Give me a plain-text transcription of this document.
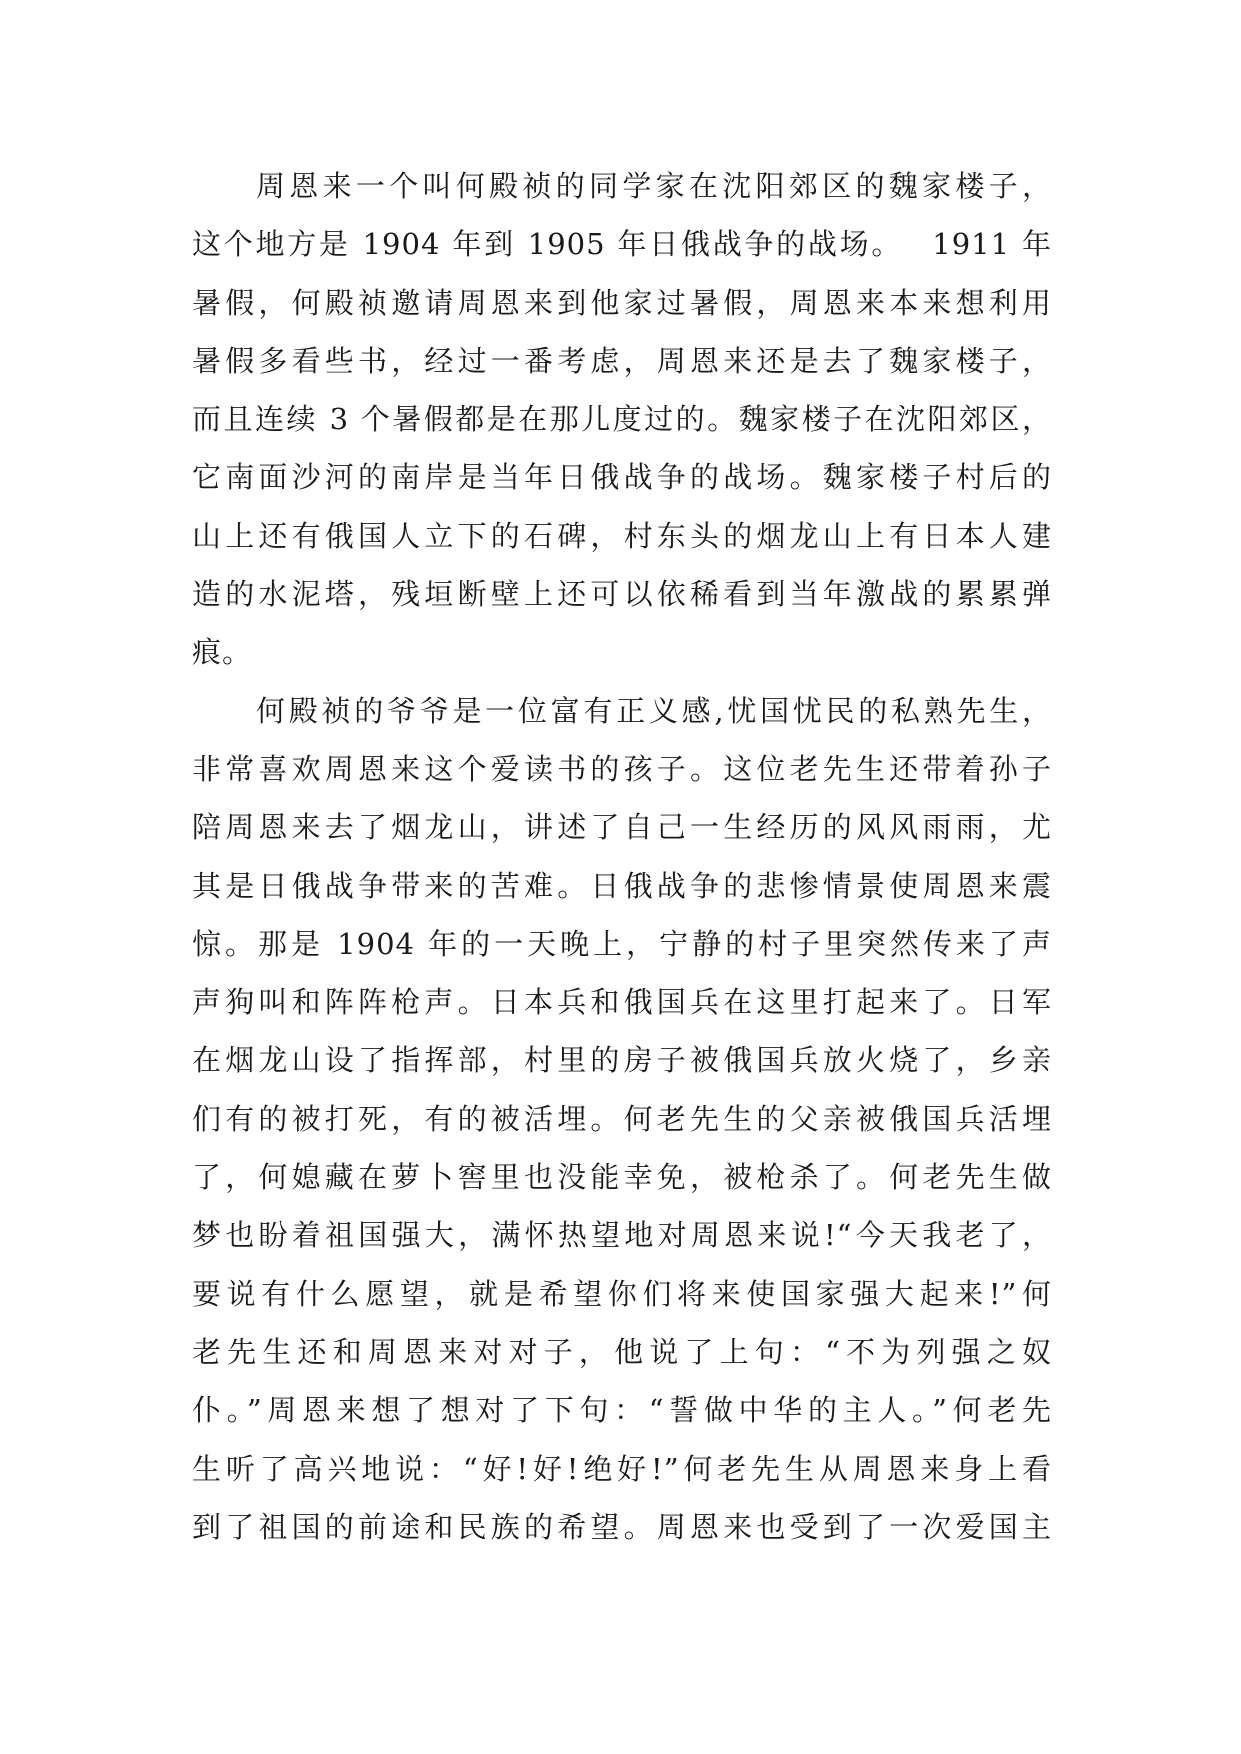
周恩来一个叫何殿祯的同学家在沈阳郊区的魏家楼子，
这个地方是 1904 年到 1905 年日俄战争的战场。　 1911 年
暑假，何殿祯邀请周恩来到他家过暑假，周恩来本来想利用
暑假多看些书，经过一番考虑，周恩来还是去了魏家楼子，
而且连续 3 个暑假都是在那儿度过的。魏家楼子在沈阳郊区，
它南面沙河的南岸是当年日俄战争的战场。魏家楼子村后的
山上还有俄国人立下的石碑，村东头的烟龙山上有日本人建
造的水泥塔，残垣断壁上还可以依稀看到当年激战的累累弹
痕。
何殿祯的爷爷是一位富有正义感,忧国忧民的私熟先生，
非常喜欢周恩来这个爱读书的孩子。这位老先生还带着孙子
陪周恩来去了烟龙山，讲述了自己一生经历的风风雨雨，尤
其是日俄战争带来的苦难。日俄战争的悲惨情景使周恩来震
惊。那是 1904 年的一天晚上，宁静的村子里突然传来了声
声狗叫和阵阵枪声。日本兵和俄国兵在这里打起来了。日军
在烟龙山设了指挥部，村里的房子被俄国兵放火烧了，乡亲
们有的被打死，有的被活埋。何老先生的父亲被俄国兵活埋
了，何媳藏在萝卜窖里也没能幸免，被枪杀了。何老先生做
梦也盼着祖国强大，满怀热望地对周恩来说!“今天我老了，
要说有什么愿望，就是希望你们将来使国家强大起来!”何
老先生还和周恩来对对子，他说了上句：“不为列强之奴
仆。”周恩来想了想对了下句：“誓做中华的主人。”何老先
生听了高兴地说：“好!好!绝好!”何老先生从周恩来身上看
到了祖国的前途和民族的希望。周恩来也受到了一次爱国主
